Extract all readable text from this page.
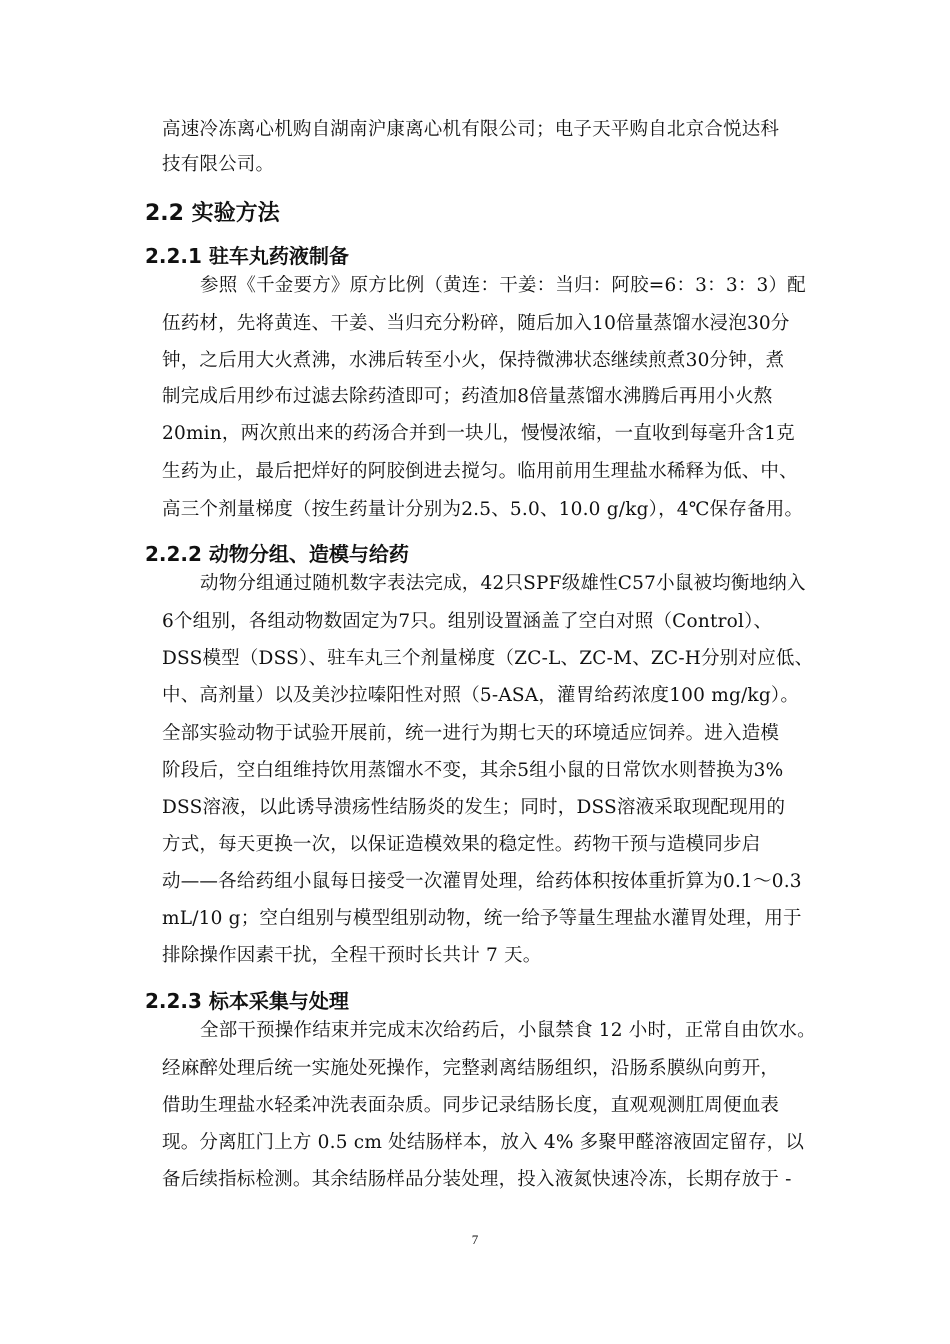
高速冷冻离心机购自湖南沪康离心机有限公司；电子天平购自北京合悦达科
技有限公司。
2.2 实验方法
2.2.1 驻车丸药液制备
参照《千金要方》原方比例（黄连：干姜：当归：阿胶=6：3：3：3）配
伍药材，先将黄连、干姜、当归充分粉碎，随后加入10倍量蒸馏水浸泡30分
钟，之后用大火煮沸，水沸后转至小火，保持微沸状态继续煎煮30分钟，煮
制完成后用纱布过滤去除药渣即可；药渣加8倍量蒸馏水沸腾后再用小火熬
20min，两次煎出来的药汤合并到一块儿，慢慢浓缩，一直收到每毫升含1克
生药为止，最后把烊好的阿胶倒进去搅匀。临用前用生理盐水稀释为低、中、
高三个剂量梯度（按生药量计分别为2.5、5.0、10.0 g/kg），4℃保存备用。
2.2.2 动物分组、造模与给药
动物分组通过随机数字表法完成，42只SPF级雄性C57小鼠被均衡地纳入
6个组别，各组动物数固定为7只。组别设置涵盖了空白对照（Control）、
DSS模型（DSS）、驻车丸三个剂量梯度（ZC-L、ZC-M、ZC-H分别对应低、
中、高剂量）以及美沙拉嗪阳性对照（5-ASA，灌胃给药浓度100 mg/kg）。
全部实验动物于试验开展前，统一进行为期七天的环境适应饲养。进入造模
阶段后，空白组维持饮用蒸馏水不变，其余5组小鼠的日常饮水则替换为3%
DSS溶液，以此诱导溃疡性结肠炎的发生；同时，DSS溶液采取现配现用的
方式，每天更换一次，以保证造模效果的稳定性。药物干预与造模同步启
动——各给药组小鼠每日接受一次灌胃处理，给药体积按体重折算为0.1～0.3
mL/10 g；空白组别与模型组别动物，统一给予等量生理盐水灌胃处理，用于
排除操作因素干扰，全程干预时长共计 7 天。
2.2.3 标本采集与处理
全部干预操作结束并完成末次给药后，小鼠禁食 12 小时，正常自由饮水。
经麻醉处理后统一实施处死操作，完整剥离结肠组织，沿肠系膜纵向剪开，
借助生理盐水轻柔冲洗表面杂质。同步记录结肠长度，直观观测肛周便血表
现。分离肛门上方 0.5 cm 处结肠样本，放入 4% 多聚甲醛溶液固定留存，以
备后续指标检测。其余结肠样品分装处理，投入液氮快速冷冻，长期存放于 -
7
